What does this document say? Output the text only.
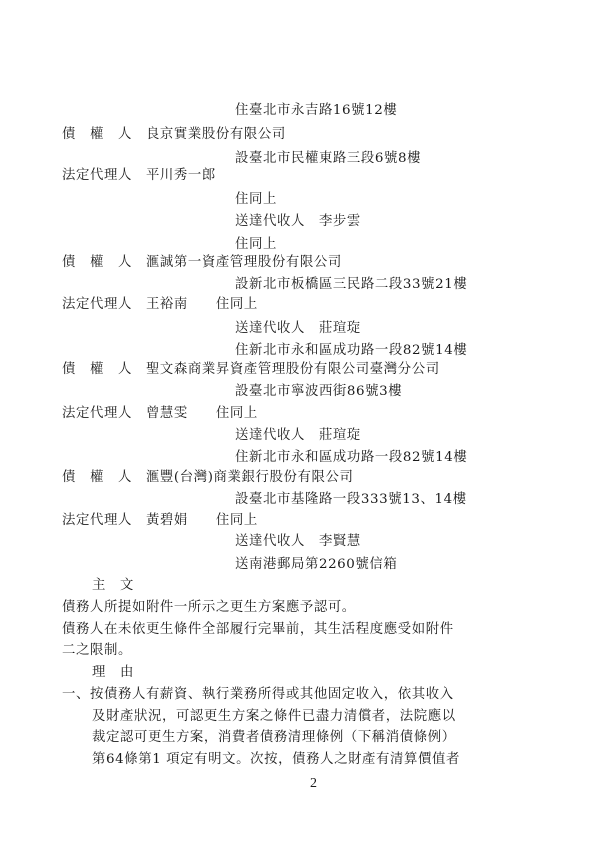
住臺北市永吉路16號12樓
債　權　人　良京實業股份有限公司
設臺北市民權東路三段6號8樓
法定代理人　平川秀一郎
住同上
送達代收人　李步雲
住同上
債　權　人　滙誠第一資產管理股份有限公司
設新北市板橋區三民路二段33號21樓
法定代理人　王裕南　　住同上
送達代收人　莊瑄琁
住新北市永和區成功路一段82號14樓
債　權　人　聖文森商業昇資產管理股份有限公司臺灣分公司
設臺北市寧波西街86號3樓
法定代理人　曾慧雯　　住同上
送達代收人　莊瑄琁
住新北市永和區成功路一段82號14樓
債　權　人　滙豐(台灣)商業銀行股份有限公司
設臺北市基隆路一段333號13、14樓
法定代理人　黃碧娟　　住同上
送達代收人　李賢慧
送南港郵局第2260號信箱
主　文
債務人所提如附件一所示之更生方案應予認可。
債務人在未依更生條件全部履行完畢前，其生活程度應受如附件
二之限制。
理　由
一、按債務人有薪資、執行業務所得或其他固定收入，依其收入
及財產狀況，可認更生方案之條件已盡力清償者，法院應以
裁定認可更生方案，消費者債務清理條例（下稱消債條例）
第64條第1 項定有明文。次按，債務人之財產有清算價值者
2
